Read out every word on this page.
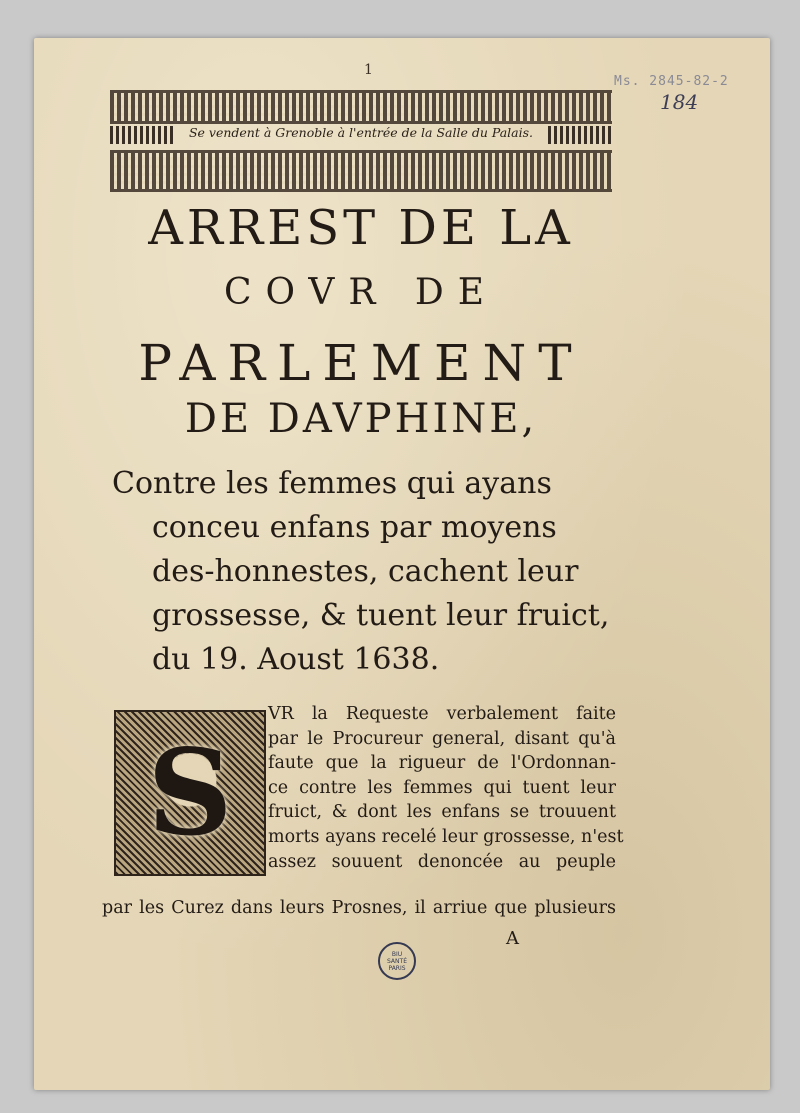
Ms. 2845-82-2
184
1
Se vendent à Grenoble à l'entrée de la Salle du Palais.
ARREST DE LA
COVR DE
PARLEMENT
DE DAVPHINE,
Contre les femmes qui ayans
conceu enfans par moyens
des-honnestes, cachent leur
grossesse, & tuent leur fruict,
du 19. Aoust 1638.
S
VR la Requeste verbalement faite
par le Procureur general, disant qu'à
faute que la rigueur de l'Ordonnan-
ce contre les femmes qui tuent leur
fruict, & dont les enfans se trouuent
morts ayans recelé leur grossesse, n'est
assez souuent denoncée au peuple
par les Curez dans leurs Prosnes, il arriue que plusieurs
A
BIU
SANTÉ
PARIS
